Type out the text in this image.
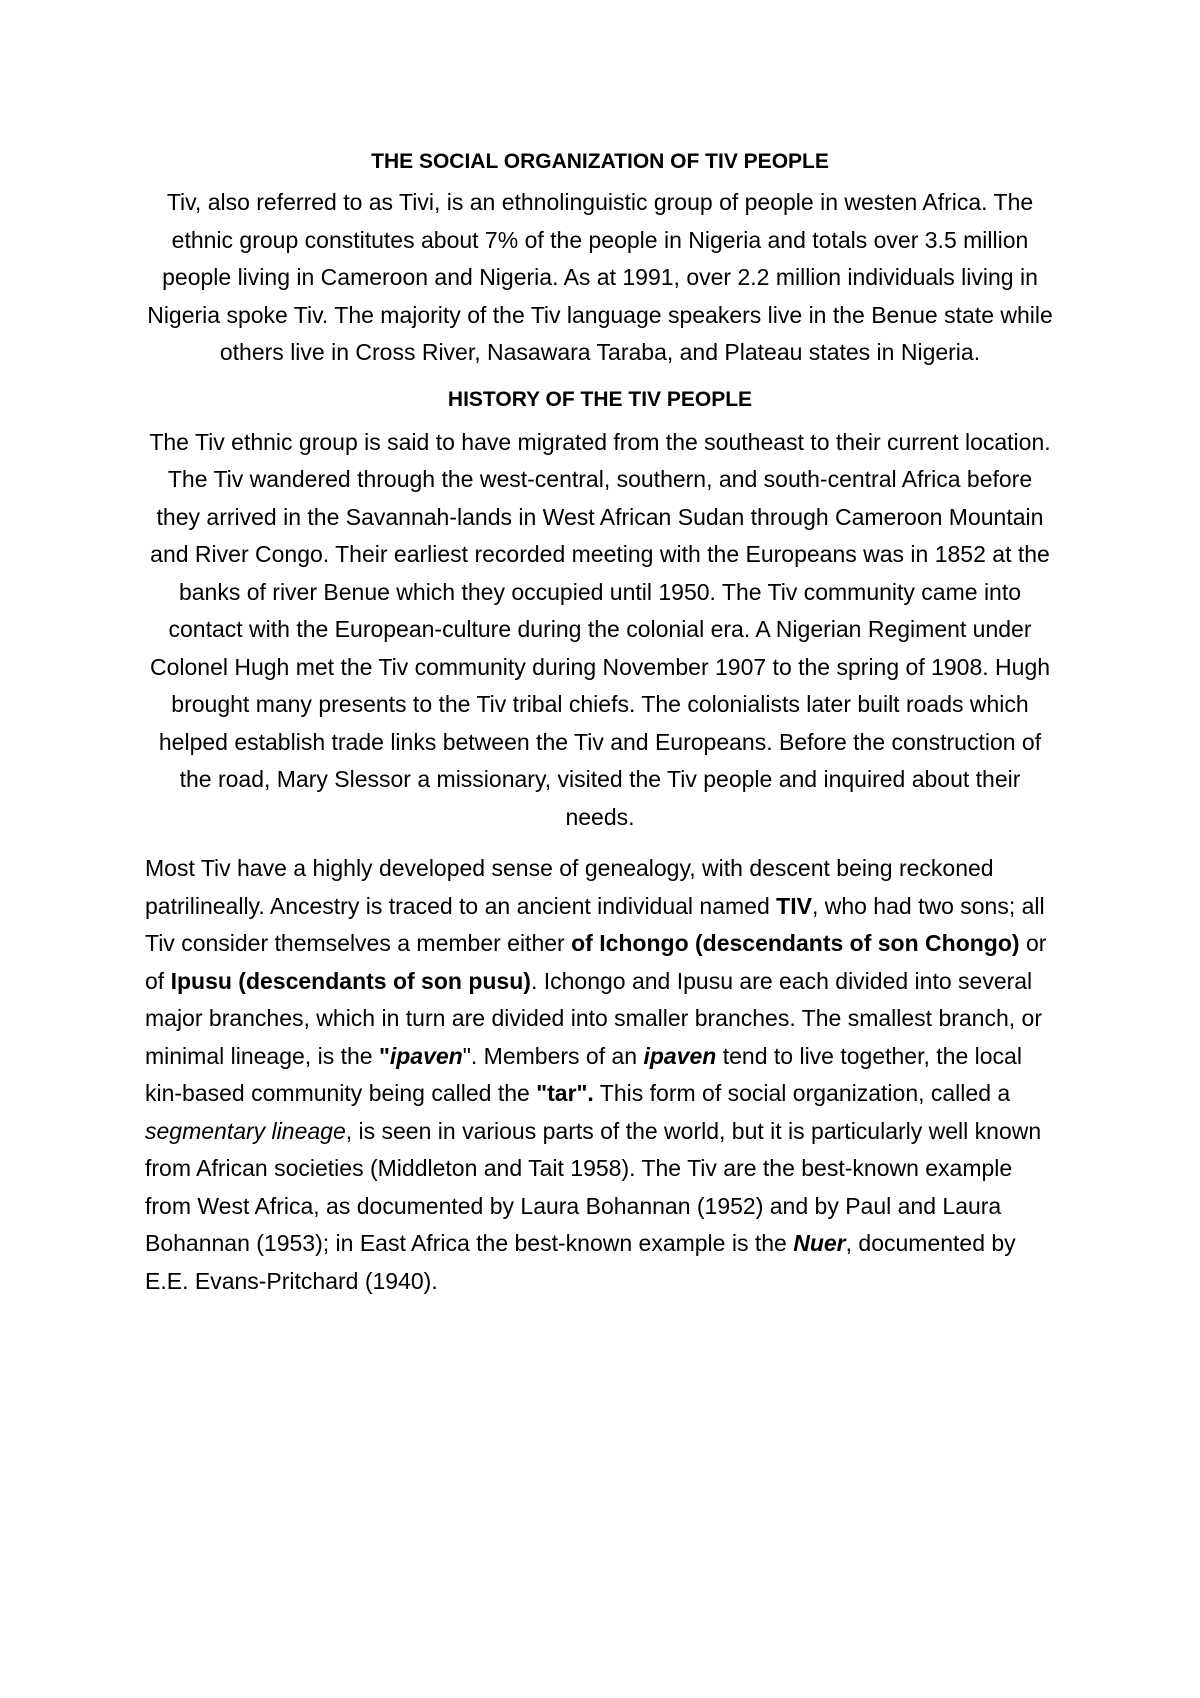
THE SOCIAL ORGANIZATION OF TIV PEOPLE

Tiv, also referred to as Tivi, is an ethnolinguistic group of people in westen Africa. The ethnic group constitutes about 7% of the people in Nigeria and totals over 3.5 million people living in Cameroon and Nigeria. As at 1991, over 2.2 million individuals living in Nigeria spoke Tiv. The majority of the Tiv language speakers live in the Benue state while others live in Cross River, Nasawara Taraba, and Plateau states in Nigeria.

HISTORY OF THE TIV PEOPLE

The Tiv ethnic group is said to have migrated from the southeast to their current location. The Tiv wandered through the west-central, southern, and south-central Africa before they arrived in the Savannah-lands in West African Sudan through Cameroon Mountain and River Congo. Their earliest recorded meeting with the Europeans was in 1852 at the banks of river Benue which they occupied until 1950. The Tiv community came into contact with the European-culture during the colonial era. A Nigerian Regiment under Colonel Hugh met the Tiv community during November 1907 to the spring of 1908. Hugh brought many presents to the Tiv tribal chiefs. The colonialists later built roads which helped establish trade links between the Tiv and Europeans. Before the construction of the road, Mary Slessor a missionary, visited the Tiv people and inquired about their needs.

Most Tiv have a highly developed sense of genealogy, with descent being reckoned patrilineally. Ancestry is traced to an ancient individual named TIV, who had two sons; all Tiv consider themselves a member either of Ichongo (descendants of son Chongo) or of Ipusu (descendants of son pusu). Ichongo and Ipusu are each divided into several major branches, which in turn are divided into smaller branches. The smallest branch, or minimal lineage, is the "ipaven". Members of an ipaven tend to live together, the local kin-based community being called the "tar". This form of social organization, called a segmentary lineage, is seen in various parts of the world, but it is particularly well known from African societies (Middleton and Tait 1958). The Tiv are the best-known example from West Africa, as documented by Laura Bohannan (1952) and by Paul and Laura Bohannan (1953); in East Africa the best-known example is the Nuer, documented by E.E. Evans-Pritchard (1940).
